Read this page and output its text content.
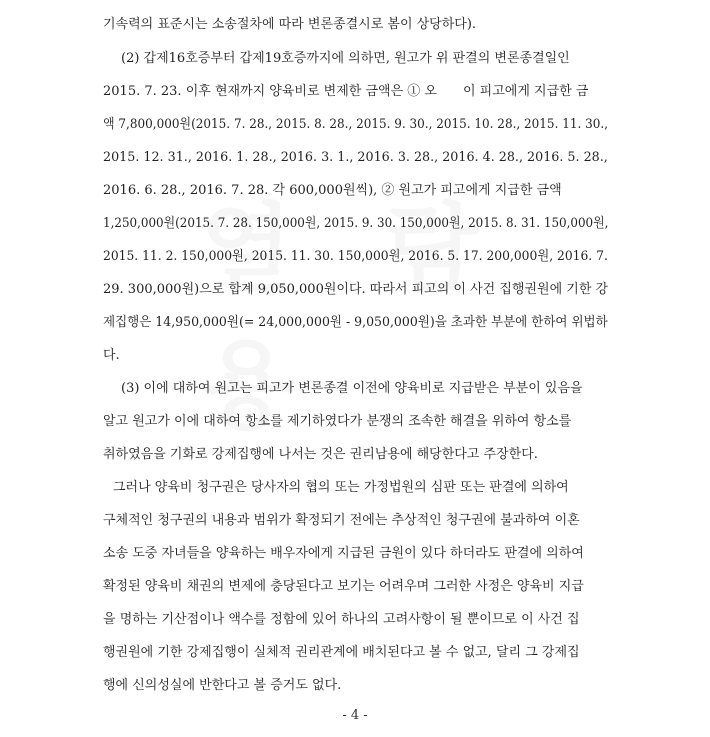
기속력의 표준시는 소송절차에 따라 변론종결시로 봄이 상당하다).
(2) 갑제16호증부터 갑제19호증까지에 의하면, 원고가 위 판결의 변론종결일인
2015. 7. 23. 이후 현재까지 양육비로 변제한 금액은 ① 오　　이 피고에게 지급한 금
액 7,800,000원(2015. 7. 28., 2015. 8. 28., 2015. 9. 30., 2015. 10. 28., 2015. 11. 30.,
2015. 12. 31., 2016. 1. 28., 2016. 3. 1., 2016. 3. 28., 2016. 4. 28., 2016. 5. 28.,
2016. 6. 28., 2016. 7. 28. 각 600,000원씩), ② 원고가 피고에게 지급한 금액
1,250,000원(2015. 7. 28. 150,000원, 2015. 9. 30. 150,000원, 2015. 8. 31. 150,000원,
2015. 11. 2. 150,000원, 2015. 11. 30. 150,000원, 2016. 5. 17. 200,000원, 2016. 7.
29. 300,000원)으로 합계 9,050,000원이다. 따라서 피고의 이 사건 집행권원에 기한 강
제집행은 14,950,000원(= 24,000,000원 - 9,050,000원)을 초과한 부분에 한하여 위법하
다.
(3) 이에 대하여 원고는 피고가 변론종결 이전에 양육비로 지급받은 부분이 있음을
알고 원고가 이에 대하여 항소를 제기하였다가 분쟁의 조속한 해결을 위하여 항소를
취하였음을 기화로 강제집행에 나서는 것은 권리남용에 해당한다고 주장한다.
그러나 양육비 청구권은 당사자의 협의 또는 가정법원의 심판 또는 판결에 의하여
구체적인 청구권의 내용과 범위가 확정되기 전에는 추상적인 청구권에 불과하여 이혼
소송 도중 자녀들을 양육하는 배우자에게 지급된 금원이 있다 하더라도 판결에 의하여
확정된 양육비 채권의 변제에 충당된다고 보기는 어려우며 그러한 사정은 양육비 지급
을 명하는 기산점이나 액수를 정함에 있어 하나의 고려사항이 될 뿐이므로 이 사건 집
행권원에 기한 강제집행이 실체적 권리관계에 배치된다고 볼 수 없고, 달리 그 강제집
행에 신의성실에 반한다고 볼 증거도 없다.
- 4 -
